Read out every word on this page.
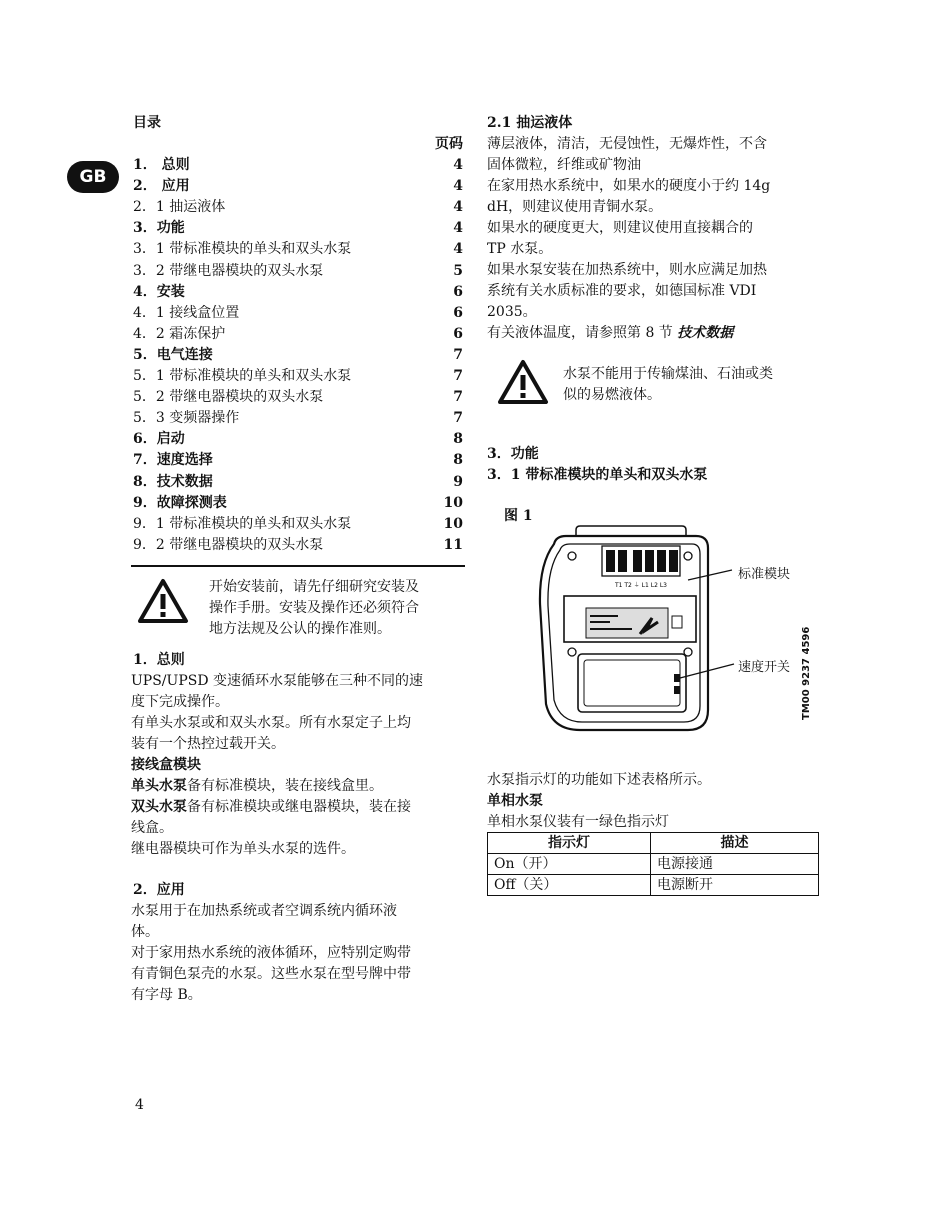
目录
页码
GB
1． 总则	4
2． 应用	4
2．1 抽运液体	4
3．功能	4
3．1 带标准模块的单头和双头水泵	4
3．2 带继电器模块的双头水泵	5
4．安装	6
4．1 接线盒位置	6
4．2 霜冻保护	6
5．电气连接	7
5．1 带标准模块的单头和双头水泵	7
5．2 带继电器模块的双头水泵	7
5．3 变频器操作	7
6．启动	8
7．速度选择	8
8．技术数据	9
9．故障探测表	10
9．1 带标准模块的单头和双头水泵	10
9．2 带继电器模块的双头水泵	11
开始安装前，请先仔细研究安装及
操作手册。安装及操作还必须符合
地方法规及公认的操作准则。
1．总则
UPS/UPSD 变速循环水泵能够在三种不同的速
度下完成操作。
有单头水泵或和双头水泵。所有水泵定子上均
装有一个热控过载开关。
接线盒模块
单头水泵备有标准模块，装在接线盒里。
双头水泵备有标准模块或继电器模块，装在接
线盒。
继电器模块可作为单头水泵的选件。
2．应用
水泵用于在加热系统或者空调系统内循环液
体。
对于家用热水系统的液体循环，应特别定购带
有青铜色泵壳的水泵。这些水泵在型号牌中带
有字母 B。
4
2.1 抽运液体
薄层液体，清洁，无侵蚀性，无爆炸性，不含
固体微粒，纤维或矿物油
在家用热水系统中，如果水的硬度小于约 14g
dH，则建议使用青铜水泵。
如果水的硬度更大，则建议使用直接耦合的
TP 水泵。
如果水泵安装在加热系统中，则水应满足加热
系统有关水质标准的要求，如德国标准 VDI
2035。
有关液体温度，请参照第 8 节 技术数据
水泵不能用于传输煤油、石油或类
似的易燃液体。
3．功能
3．1 带标准模块的单头和双头水泵
图 1
T1 T2 ⏚ L1 L2 L3
标准模块
速度开关 TM00 9237 4596
水泵指示灯的功能如下述表格所示。
单相水泵
单相水泵仪装有一绿色指示灯
指示灯	描述
On（开）	电源接通
Off（关）	电源断开
